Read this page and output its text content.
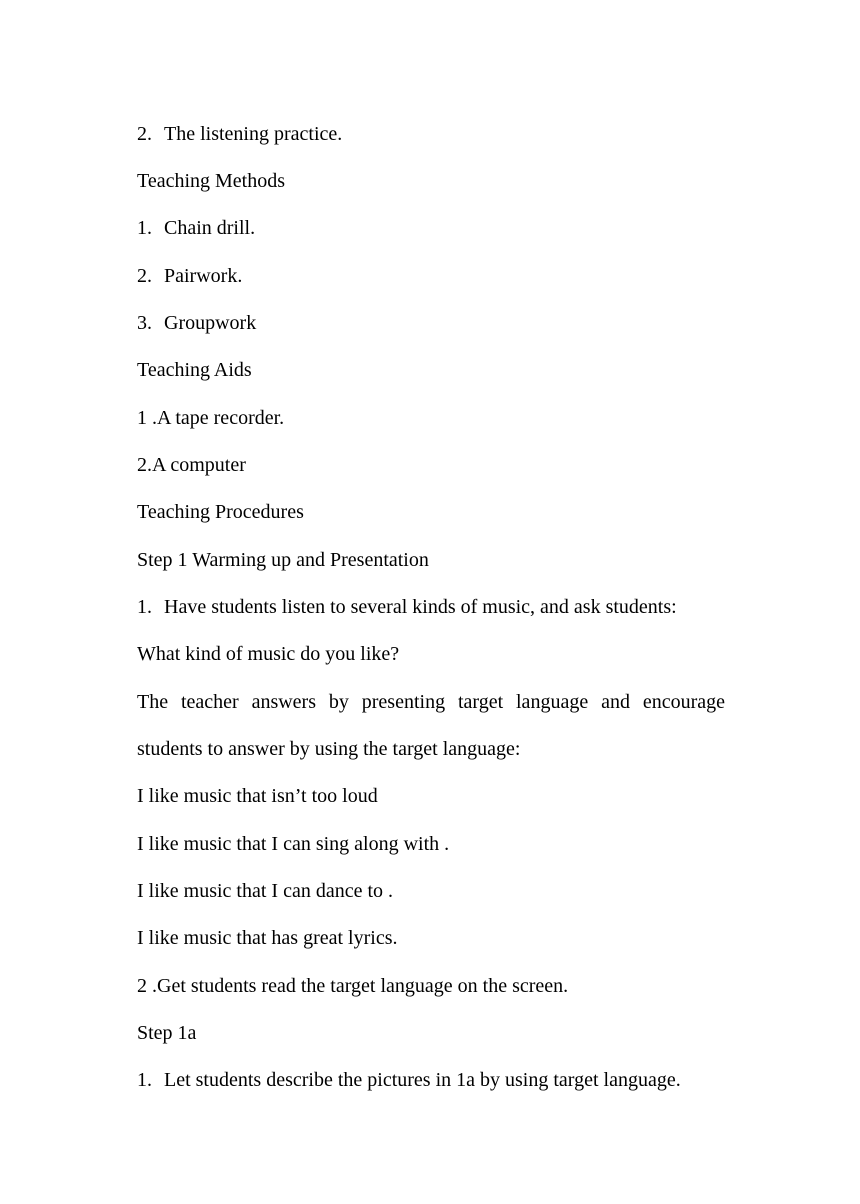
2. The listening practice.
Teaching Methods
1. Chain drill.
2. Pairwork.
3. Groupwork
Teaching Aids
1 .A tape recorder.
2.A computer
Teaching Procedures
Step 1 Warming up and Presentation
1. Have students listen to several kinds of music, and ask students:
What kind of music do you like?
The teacher answers by presenting target language and encourage
students to answer by using the target language:
I like music that isn’t too loud
I like music that I can sing along with .
I like music that I can dance to .
I like music that has great lyrics.
2 .Get students read the target language on the screen.
Step 1a
1. Let students describe the pictures in 1a by using target language.
